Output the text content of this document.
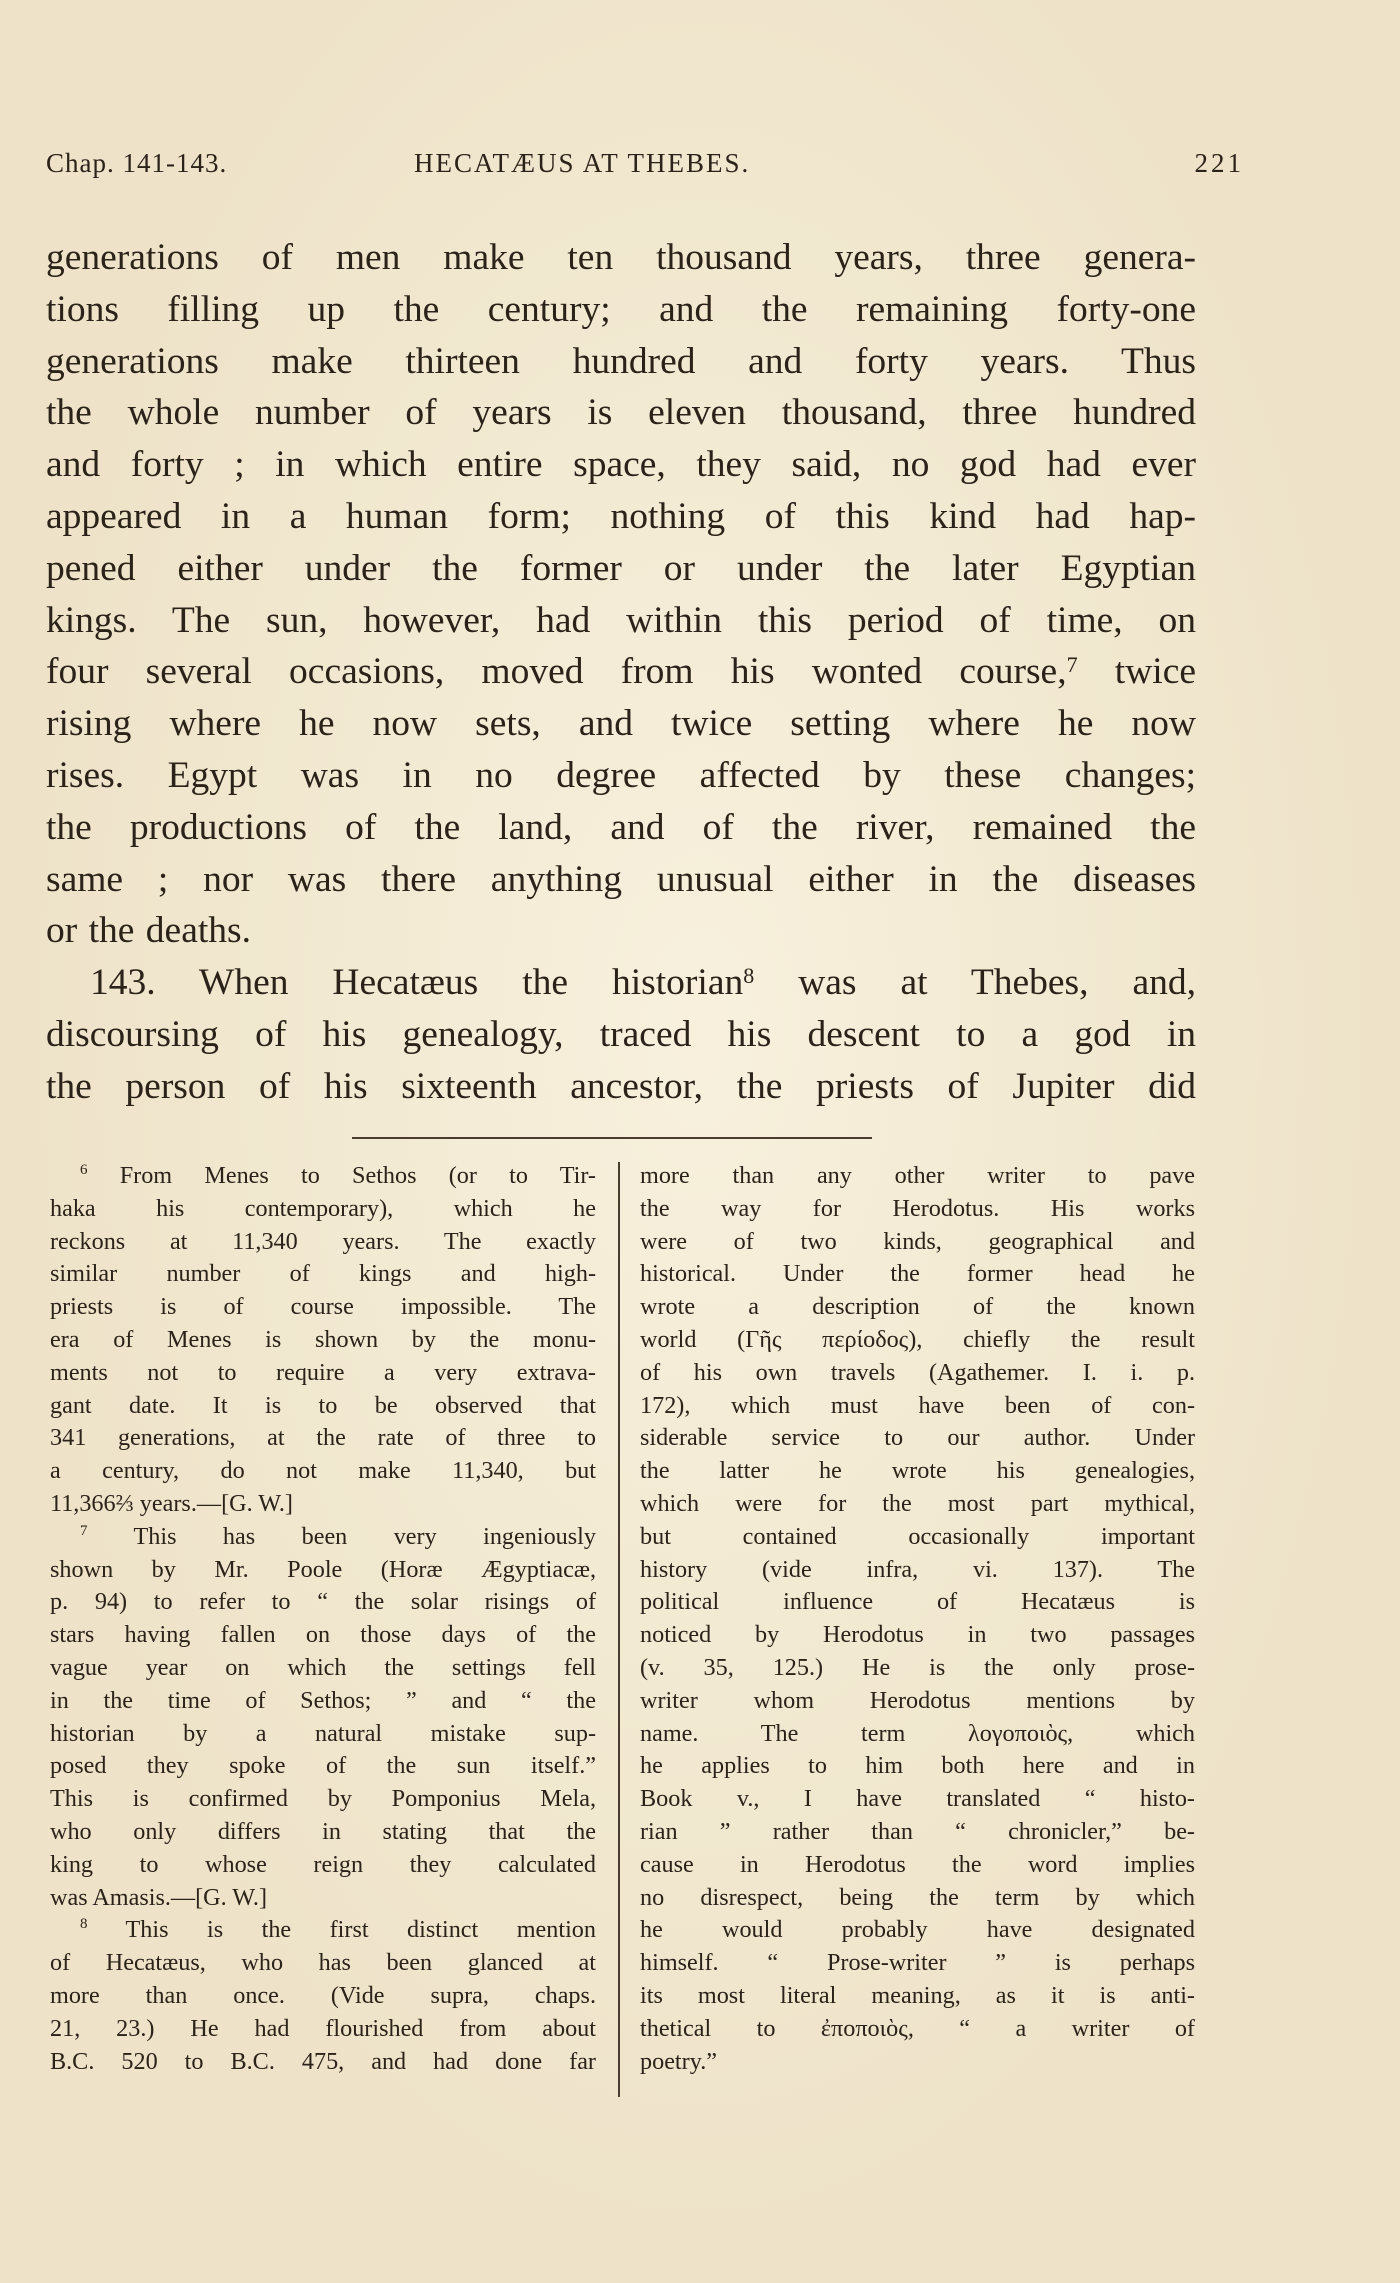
Chap. 141-143.	HECATÆUS AT THEBES.	221
generations of men make ten thousand years, three genera-
tions filling up the century; and the remaining forty-one
generations make thirteen hundred and forty years. Thus
the whole number of years is eleven thousand, three hundred
and forty ; in which entire space, they said, no god had ever
appeared in a human form; nothing of this kind had hap-
pened either under the former or under the later Egyptian
kings. The sun, however, had within this period of time, on
four several occasions, moved from his wonted course,$^7$ twice
rising where he now sets, and twice setting where he now
rises. Egypt was in no degree affected by these changes;
the productions of the land, and of the river, remained the
same ; nor was there anything unusual either in the diseases
or the deaths.
143. When Hecatæus the historian$^8$ was at Thebes, and,
discoursing of his genealogy, traced his descent to a god in
the person of his sixteenth ancestor, the priests of Jupiter did
$^6$ From Menes to Sethos (or to Tir-
haka his contemporary), which he
reckons at 11,340 years. The exactly
similar number of kings and high-
priests is of course impossible. The
era of Menes is shown by the monu-
ments not to require a very extrava-
gant date. It is to be observed that
341 generations, at the rate of three to
a century, do not make 11,340, but
11,366⅔ years.—[G. W.]
$^7$ This has been very ingeniously
shown by Mr. Poole (Horæ Ægyptiacæ,
p. 94) to refer to “ the solar risings of
stars having fallen on those days of the
vague year on which the settings fell
in the time of Sethos; ” and “ the
historian by a natural mistake sup-
posed they spoke of the sun itself.”
This is confirmed by Pomponius Mela,
who only differs in stating that the
king to whose reign they calculated
was Amasis.—[G. W.]
$^8$ This is the first distinct mention
of Hecatæus, who has been glanced at
more than once. (Vide supra, chaps.
21, 23.) He had flourished from about
B.C. 520 to B.C. 475, and had done far
more than any other writer to pave
the way for Herodotus. His works
were of two kinds, geographical and
historical. Under the former head he
wrote a description of the known
world (Γῆς περίοδος), chiefly the result
of his own travels (Agathemer. I. i. p.
172), which must have been of con-
siderable service to our author. Under
the latter he wrote his genealogies,
which were for the most part mythical,
but contained occasionally important
history (vide infra, vi. 137). The
political influence of Hecatæus is
noticed by Herodotus in two passages
(v. 35, 125.) He is the only prose-
writer whom Herodotus mentions by
name. The term λογοποιὸς, which
he applies to him both here and in
Book v., I have translated “ histo-
rian ” rather than “ chronicler,” be-
cause in Herodotus the word implies
no disrespect, being the term by which
he would probably have designated
himself. “ Prose-writer ” is perhaps
its most literal meaning, as it is anti-
thetical to ἐποποιὸς, “ a writer of
poetry.”
